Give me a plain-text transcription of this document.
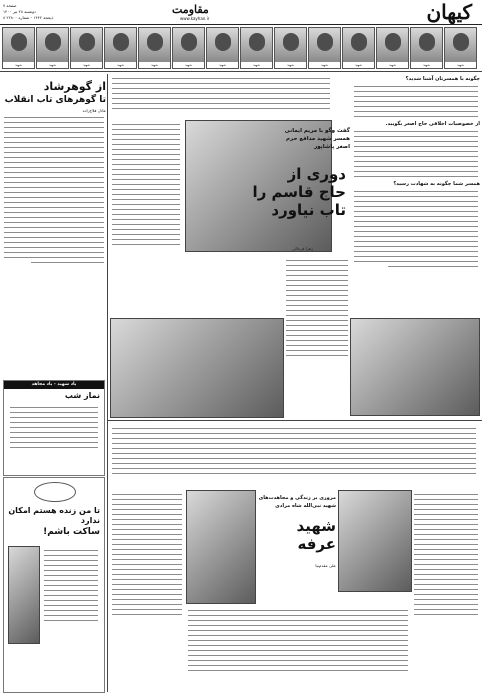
صفحه ۷
دوشنبه ۲۸ تیر ۱۴۰۰
۸ ذیحجه ۱۴۴۲ - شماره ۲۲۸۰۰
مقاومت
www.kayhan.ir	کیهان
شهید	شهید	شهید	شهید	شهید	شهید	شهید	شهید	شهید	شهید	شهید	شهید	شهید	شهید
از گوهرشاد
تا گوهرهای تاب انقلاب
عادل فلاح‌زاده
یاد شهید - یاد مجاهد
نماز شب
تا من زنده هستم امکان ندارد
ساکت باشم!
گفت وگو با مریم ایمانی
همسر شهید مدافع حرم
اصغر پاشاپور
دوری از
حاج قاسم را
تاب نیاورد
زهرا فرجالی
چگونه با همسرتان آشنا شدید؟
از خصوصیات اخلاقی حاج اصغر بگویید.
همسر شما چگونه به شهادت رسید؟
مروری بر زندگی و مجاهدت‌های
شهید نبی‌الله شاه مرادی
شهید
عرفه
علی مقدم‌نیا
